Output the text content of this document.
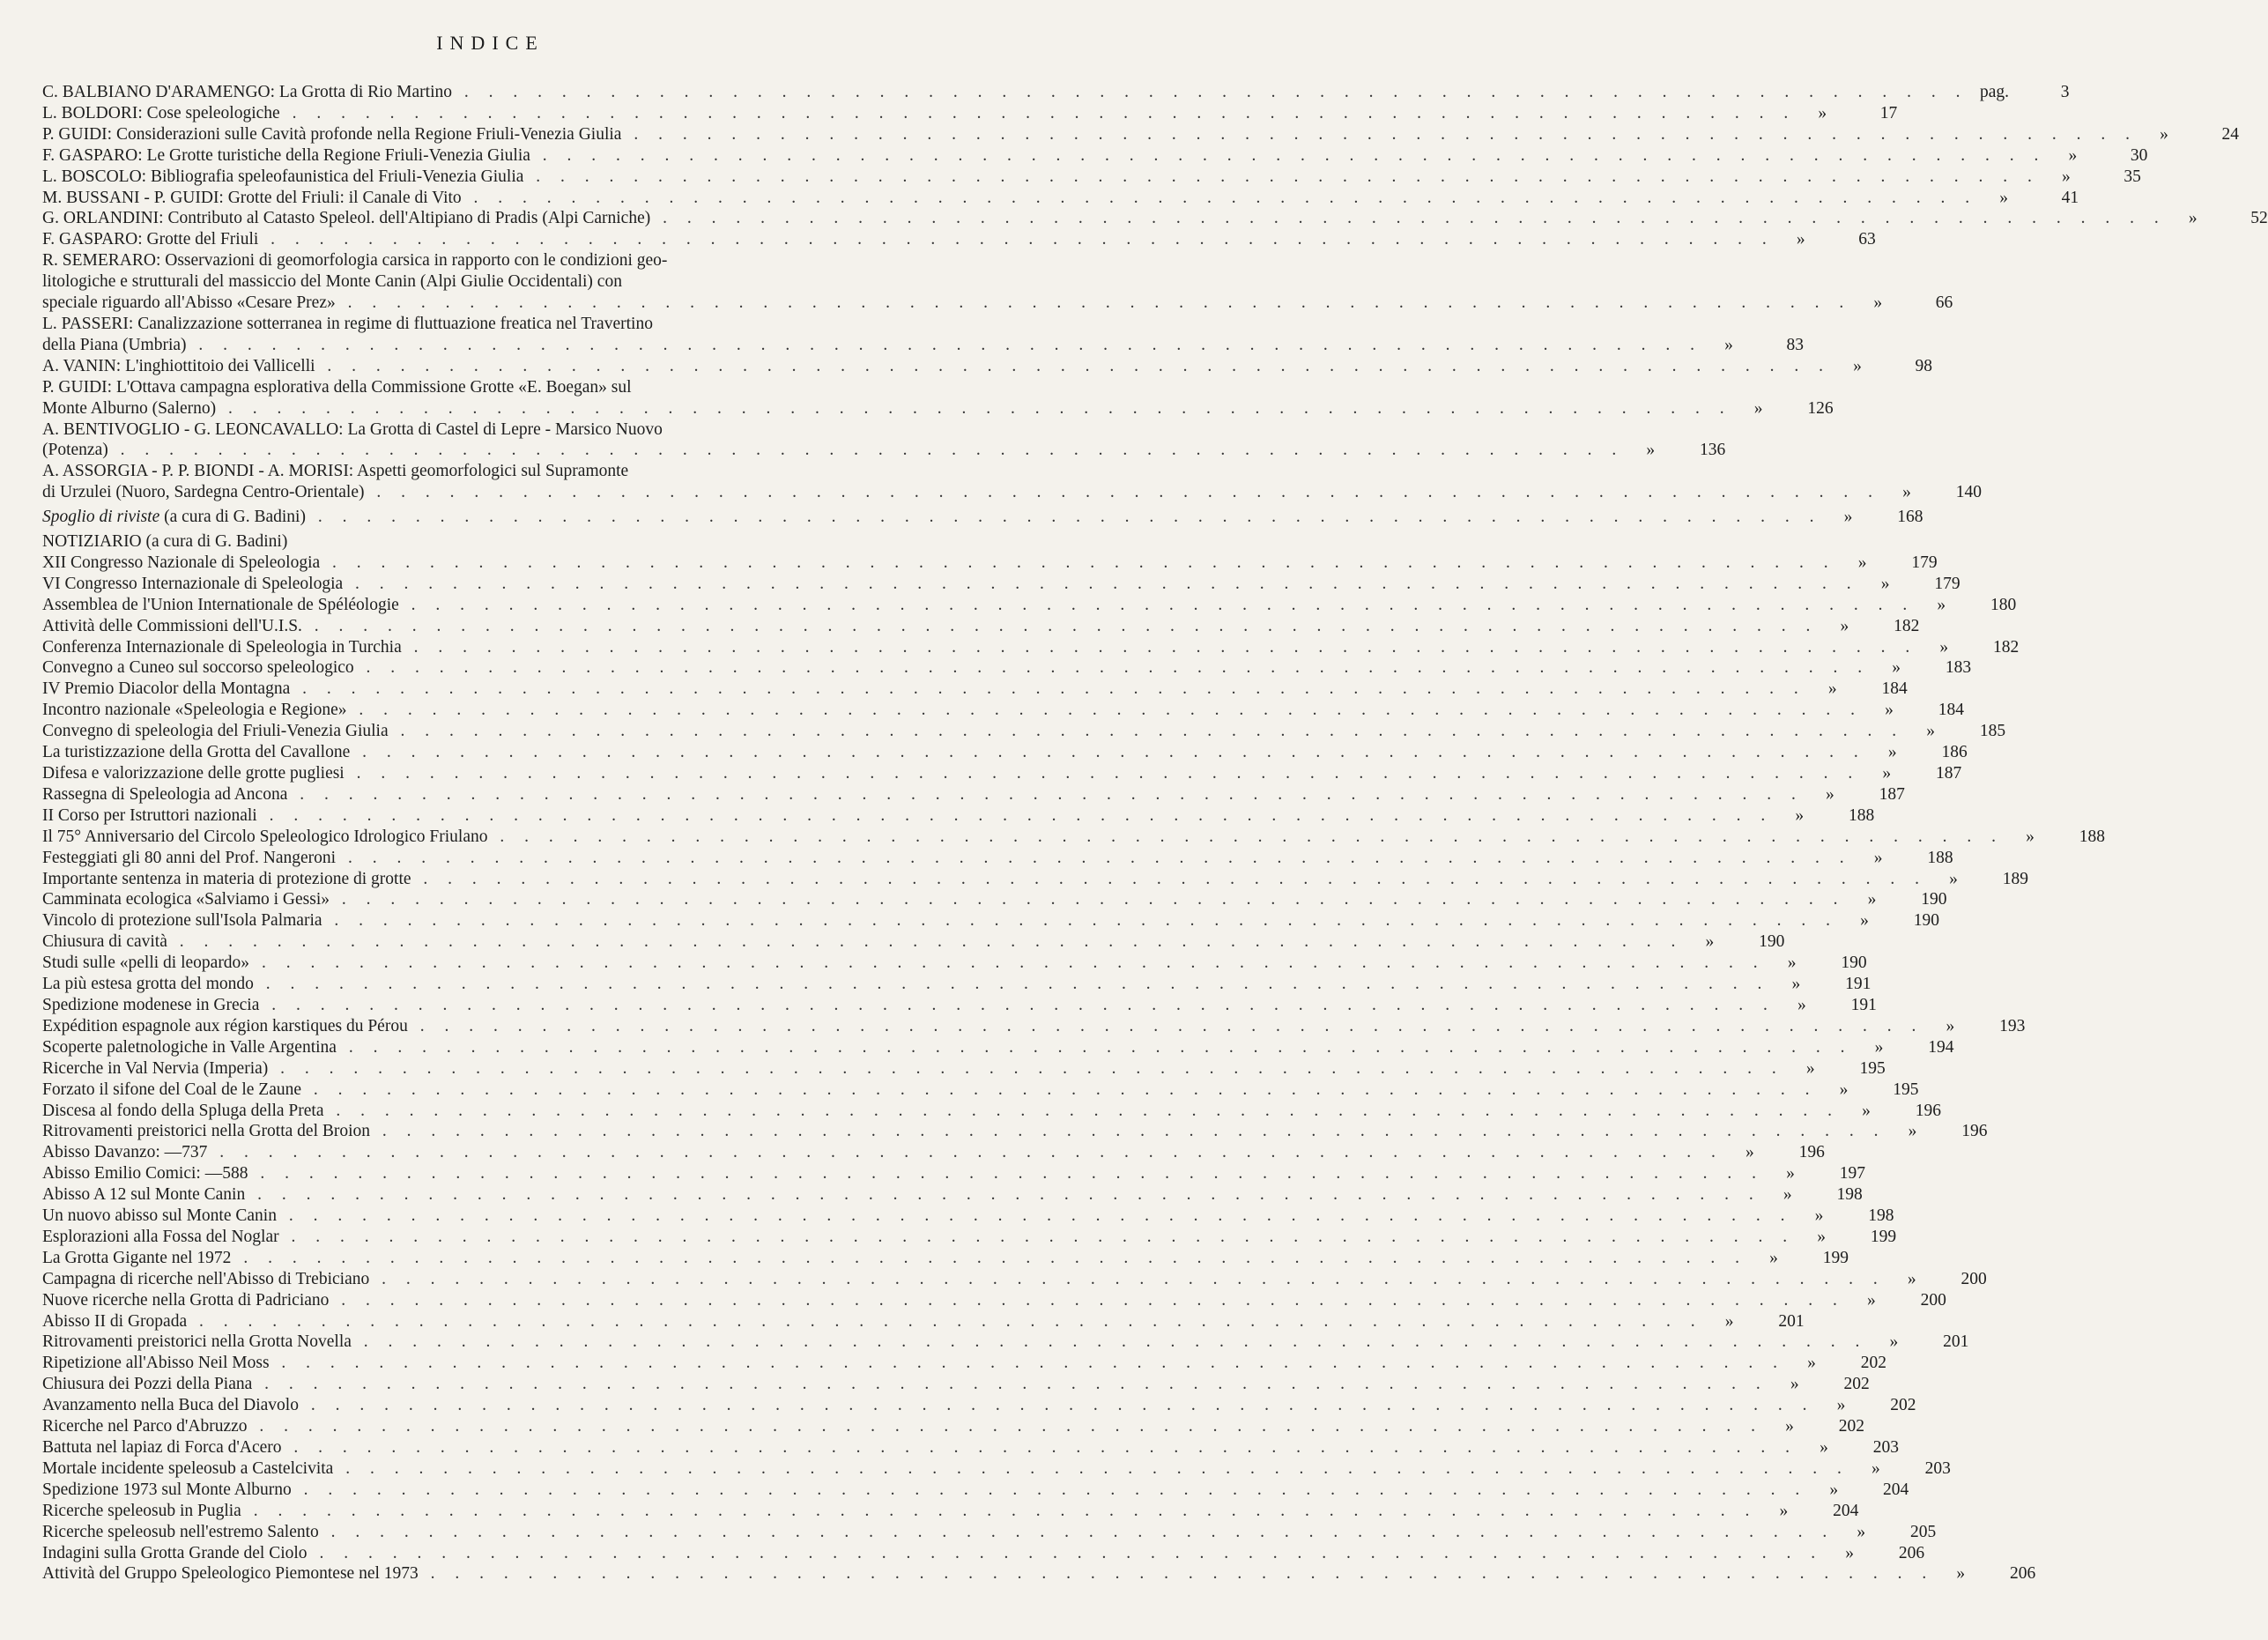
INDICE
C. BALBIANO D'ARAMENGO: La Grotta di Rio Martino . . . . . . . . . . . . . . . . . . . . . . . . . . . . . . . . . . . . . . . . . . . . . . . . . . . . . . . . . . . . . . pag.	3
L. BOLDORI: Cose speleologiche . . . . . . . . . . . . . . . . . . . . . . . . . . . . . . . . . . . . . . . . . . . . . . . . . . . . . . . . . . . . . .	»	17
P. GUIDI: Considerazioni sulle Cavità profonde nella Regione Friuli-Venezia Giulia . . . . . . . . . . . . . . . . . . . . . . . . . . . . . . . . . . . . . . . . . . . . . . . . . . . . . . . . . . . . . .	»	24
F. GASPARO: Le Grotte turistiche della Regione Friuli-Venezia Giulia . . . . . . . . . . . . . . . . . . . . . . . . . . . . . . . . . . . . . . . . . . . . . . . . . . . . . . . . . . . . . .	»	30
L. BOSCOLO: Bibliografia speleofaunistica del Friuli-Venezia Giulia . . . . . . . . . . . . . . . . . . . . . . . . . . . . . . . . . . . . . . . . . . . . . . . . . . . . . . . . . . . . . .	»	35
M. BUSSANI - P. GUIDI: Grotte del Friuli: il Canale di Vito . . . . . . . . . . . . . . . . . . . . . . . . . . . . . . . . . . . . . . . . . . . . . . . . . . . . . . . . . . . . . .	»	41
G. ORLANDINI: Contributo al Catasto Speleol. dell'Altipiano di Pradis (Alpi Carniche) . . . . . . . . . . . . . . . . . . . . . . . . . . . . . . . . . . . . . . . . . . . . . . . . . . . . . . . . . . . . . .	»	52
F. GASPARO: Grotte del Friuli . . . . . . . . . . . . . . . . . . . . . . . . . . . . . . . . . . . . . . . . . . . . . . . . . . . . . . . . . . . . . .	»	63
R. SEMERARO: Osservazioni di geomorfologia carsica in rapporto con le condizioni geo-
litologiche e strutturali del massiccio del Monte Canin (Alpi Giulie Occidentali) con
speciale riguardo all'Abisso «Cesare Prez» . . . . . . . . . . . . . . . . . . . . . . . . . . . . . . . . . . . . . . . . . . . . . . . . . . . . . . . . . . . . . .	»	66
L. PASSERI: Canalizzazione sotterranea in regime di fluttuazione freatica nel Travertino
della Piana (Umbria) . . . . . . . . . . . . . . . . . . . . . . . . . . . . . . . . . . . . . . . . . . . . . . . . . . . . . . . . . . . . . .	»	83
A. VANIN: L'inghiottitoio dei Vallicelli . . . . . . . . . . . . . . . . . . . . . . . . . . . . . . . . . . . . . . . . . . . . . . . . . . . . . . . . . . . . . .	»	98
P. GUIDI: L'Ottava campagna esplorativa della Commissione Grotte «E. Boegan» sul
Monte Alburno (Salerno) . . . . . . . . . . . . . . . . . . . . . . . . . . . . . . . . . . . . . . . . . . . . . . . . . . . . . . . . . . . . . .	»	126
A. BENTIVOGLIO - G. LEONCAVALLO: La Grotta di Castel di Lepre - Marsico Nuovo
(Potenza) . . . . . . . . . . . . . . . . . . . . . . . . . . . . . . . . . . . . . . . . . . . . . . . . . . . . . . . . . . . . . .	»	136
A. ASSORGIA - P. P. BIONDI - A. MORISI: Aspetti geomorfologici sul Supramonte
di Urzulei (Nuoro, Sardegna Centro-Orientale) . . . . . . . . . . . . . . . . . . . . . . . . . . . . . . . . . . . . . . . . . . . . . . . . . . . . . . . . . . . . . .	»	140
Spoglio di riviste (a cura di G. Badini) . . . . . . . . . . . . . . . . . . . . . . . . . . . . . . . . . . . . . . . . . . . . . . . . . . . . . . . . . . . . . .	»	168
NOTIZIARIO (a cura di G. Badini)
XII Congresso Nazionale di Speleologia . . . . . . . . . . . . . . . . . . . . . . . . . . . . . . . . . . . . . . . . . . . . . . . . . . . . . . . . . . . . . .	»	179
VI Congresso Internazionale di Speleologia . . . . . . . . . . . . . . . . . . . . . . . . . . . . . . . . . . . . . . . . . . . . . . . . . . . . . . . . . . . . . .	»	179
Assemblea de l'Union Internationale de Spéléologie . . . . . . . . . . . . . . . . . . . . . . . . . . . . . . . . . . . . . . . . . . . . . . . . . . . . . . . . . . . . . .	»	180
Attività delle Commissioni dell'U.I.S. . . . . . . . . . . . . . . . . . . . . . . . . . . . . . . . . . . . . . . . . . . . . . . . . . . . . . . . . . . . . . .	»	182
Conferenza Internazionale di Speleologia in Turchia . . . . . . . . . . . . . . . . . . . . . . . . . . . . . . . . . . . . . . . . . . . . . . . . . . . . . . . . . . . . . .	»	182
Convegno a Cuneo sul soccorso speleologico . . . . . . . . . . . . . . . . . . . . . . . . . . . . . . . . . . . . . . . . . . . . . . . . . . . . . . . . . . . . . .	»	183
IV Premio Diacolor della Montagna . . . . . . . . . . . . . . . . . . . . . . . . . . . . . . . . . . . . . . . . . . . . . . . . . . . . . . . . . . . . . .	»	184
Incontro nazionale «Speleologia e Regione» . . . . . . . . . . . . . . . . . . . . . . . . . . . . . . . . . . . . . . . . . . . . . . . . . . . . . . . . . . . . . .	»	184
Convegno di speleologia del Friuli-Venezia Giulia . . . . . . . . . . . . . . . . . . . . . . . . . . . . . . . . . . . . . . . . . . . . . . . . . . . . . . . . . . . . . .	»	185
La turistizzazione della Grotta del Cavallone . . . . . . . . . . . . . . . . . . . . . . . . . . . . . . . . . . . . . . . . . . . . . . . . . . . . . . . . . . . . . .	»	186
Difesa e valorizzazione delle grotte pugliesi . . . . . . . . . . . . . . . . . . . . . . . . . . . . . . . . . . . . . . . . . . . . . . . . . . . . . . . . . . . . . .	»	187
Rassegna di Speleologia ad Ancona . . . . . . . . . . . . . . . . . . . . . . . . . . . . . . . . . . . . . . . . . . . . . . . . . . . . . . . . . . . . . .	»	187
II Corso per Istruttori nazionali . . . . . . . . . . . . . . . . . . . . . . . . . . . . . . . . . . . . . . . . . . . . . . . . . . . . . . . . . . . . . .	»	188
Il 75° Anniversario del Circolo Speleologico Idrologico Friulano . . . . . . . . . . . . . . . . . . . . . . . . . . . . . . . . . . . . . . . . . . . . . . . . . . . . . . . . . . . . . .	»	188
Festeggiati gli 80 anni del Prof. Nangeroni . . . . . . . . . . . . . . . . . . . . . . . . . . . . . . . . . . . . . . . . . . . . . . . . . . . . . . . . . . . . . .	»	188
Importante sentenza in materia di protezione di grotte . . . . . . . . . . . . . . . . . . . . . . . . . . . . . . . . . . . . . . . . . . . . . . . . . . . . . . . . . . . . . .	»	189
Camminata ecologica «Salviamo i Gessi» . . . . . . . . . . . . . . . . . . . . . . . . . . . . . . . . . . . . . . . . . . . . . . . . . . . . . . . . . . . . . .	»	190
Vincolo di protezione sull'Isola Palmaria . . . . . . . . . . . . . . . . . . . . . . . . . . . . . . . . . . . . . . . . . . . . . . . . . . . . . . . . . . . . . .	»	190
Chiusura di cavità . . . . . . . . . . . . . . . . . . . . . . . . . . . . . . . . . . . . . . . . . . . . . . . . . . . . . . . . . . . . . .	»	190
Studi sulle «pelli di leopardo» . . . . . . . . . . . . . . . . . . . . . . . . . . . . . . . . . . . . . . . . . . . . . . . . . . . . . . . . . . . . . .	»	190
La più estesa grotta del mondo . . . . . . . . . . . . . . . . . . . . . . . . . . . . . . . . . . . . . . . . . . . . . . . . . . . . . . . . . . . . . .	»	191
Spedizione modenese in Grecia . . . . . . . . . . . . . . . . . . . . . . . . . . . . . . . . . . . . . . . . . . . . . . . . . . . . . . . . . . . . . .	»	191
Expédition espagnole aux région karstiques du Pérou . . . . . . . . . . . . . . . . . . . . . . . . . . . . . . . . . . . . . . . . . . . . . . . . . . . . . . . . . . . . . .	»	193
Scoperte paletnologiche in Valle Argentina . . . . . . . . . . . . . . . . . . . . . . . . . . . . . . . . . . . . . . . . . . . . . . . . . . . . . . . . . . . . . .	»	194
Ricerche in Val Nervia (Imperia) . . . . . . . . . . . . . . . . . . . . . . . . . . . . . . . . . . . . . . . . . . . . . . . . . . . . . . . . . . . . . .	»	195
Forzato il sifone del Coal de le Zaune . . . . . . . . . . . . . . . . . . . . . . . . . . . . . . . . . . . . . . . . . . . . . . . . . . . . . . . . . . . . . .	»	195
Discesa al fondo della Spluga della Preta . . . . . . . . . . . . . . . . . . . . . . . . . . . . . . . . . . . . . . . . . . . . . . . . . . . . . . . . . . . . . .	»	196
Ritrovamenti preistorici nella Grotta del Broion . . . . . . . . . . . . . . . . . . . . . . . . . . . . . . . . . . . . . . . . . . . . . . . . . . . . . . . . . . . . . .	»	196
Abisso Davanzo: —737 . . . . . . . . . . . . . . . . . . . . . . . . . . . . . . . . . . . . . . . . . . . . . . . . . . . . . . . . . . . . . .	»	196
Abisso Emilio Comici: —588 . . . . . . . . . . . . . . . . . . . . . . . . . . . . . . . . . . . . . . . . . . . . . . . . . . . . . . . . . . . . . .	»	197
Abisso A 12 sul Monte Canin . . . . . . . . . . . . . . . . . . . . . . . . . . . . . . . . . . . . . . . . . . . . . . . . . . . . . . . . . . . . . .	»	198
Un nuovo abisso sul Monte Canin . . . . . . . . . . . . . . . . . . . . . . . . . . . . . . . . . . . . . . . . . . . . . . . . . . . . . . . . . . . . . .	»	198
Esplorazioni alla Fossa del Noglar . . . . . . . . . . . . . . . . . . . . . . . . . . . . . . . . . . . . . . . . . . . . . . . . . . . . . . . . . . . . . .	»	199
La Grotta Gigante nel 1972 . . . . . . . . . . . . . . . . . . . . . . . . . . . . . . . . . . . . . . . . . . . . . . . . . . . . . . . . . . . . . .	»	199
Campagna di ricerche nell'Abisso di Trebiciano . . . . . . . . . . . . . . . . . . . . . . . . . . . . . . . . . . . . . . . . . . . . . . . . . . . . . . . . . . . . . .	»	200
Nuove ricerche nella Grotta di Padriciano . . . . . . . . . . . . . . . . . . . . . . . . . . . . . . . . . . . . . . . . . . . . . . . . . . . . . . . . . . . . . .	»	200
Abisso II di Gropada . . . . . . . . . . . . . . . . . . . . . . . . . . . . . . . . . . . . . . . . . . . . . . . . . . . . . . . . . . . . . .	»	201
Ritrovamenti preistorici nella Grotta Novella . . . . . . . . . . . . . . . . . . . . . . . . . . . . . . . . . . . . . . . . . . . . . . . . . . . . . . . . . . . . . .	»	201
Ripetizione all'Abisso Neil Moss . . . . . . . . . . . . . . . . . . . . . . . . . . . . . . . . . . . . . . . . . . . . . . . . . . . . . . . . . . . . . .	»	202
Chiusura dei Pozzi della Piana . . . . . . . . . . . . . . . . . . . . . . . . . . . . . . . . . . . . . . . . . . . . . . . . . . . . . . . . . . . . . .	»	202
Avanzamento nella Buca del Diavolo . . . . . . . . . . . . . . . . . . . . . . . . . . . . . . . . . . . . . . . . . . . . . . . . . . . . . . . . . . . . . .	»	202
Ricerche nel Parco d'Abruzzo . . . . . . . . . . . . . . . . . . . . . . . . . . . . . . . . . . . . . . . . . . . . . . . . . . . . . . . . . . . . . .	»	202
Battuta nel lapiaz di Forca d'Acero . . . . . . . . . . . . . . . . . . . . . . . . . . . . . . . . . . . . . . . . . . . . . . . . . . . . . . . . . . . . . .	»	203
Mortale incidente speleosub a Castelcivita . . . . . . . . . . . . . . . . . . . . . . . . . . . . . . . . . . . . . . . . . . . . . . . . . . . . . . . . . . . . . .	»	203
Spedizione 1973 sul Monte Alburno . . . . . . . . . . . . . . . . . . . . . . . . . . . . . . . . . . . . . . . . . . . . . . . . . . . . . . . . . . . . . .	»	204
Ricerche speleosub in Puglia . . . . . . . . . . . . . . . . . . . . . . . . . . . . . . . . . . . . . . . . . . . . . . . . . . . . . . . . . . . . . .	»	204
Ricerche speleosub nell'estremo Salento . . . . . . . . . . . . . . . . . . . . . . . . . . . . . . . . . . . . . . . . . . . . . . . . . . . . . . . . . . . . . .	»	205
Indagini sulla Grotta Grande del Ciolo . . . . . . . . . . . . . . . . . . . . . . . . . . . . . . . . . . . . . . . . . . . . . . . . . . . . . . . . . . . . . .	»	206
Attività del Gruppo Speleologico Piemontese nel 1973 . . . . . . . . . . . . . . . . . . . . . . . . . . . . . . . . . . . . . . . . . . . . . . . . . . . . . . . . . . . . . .	»	206
